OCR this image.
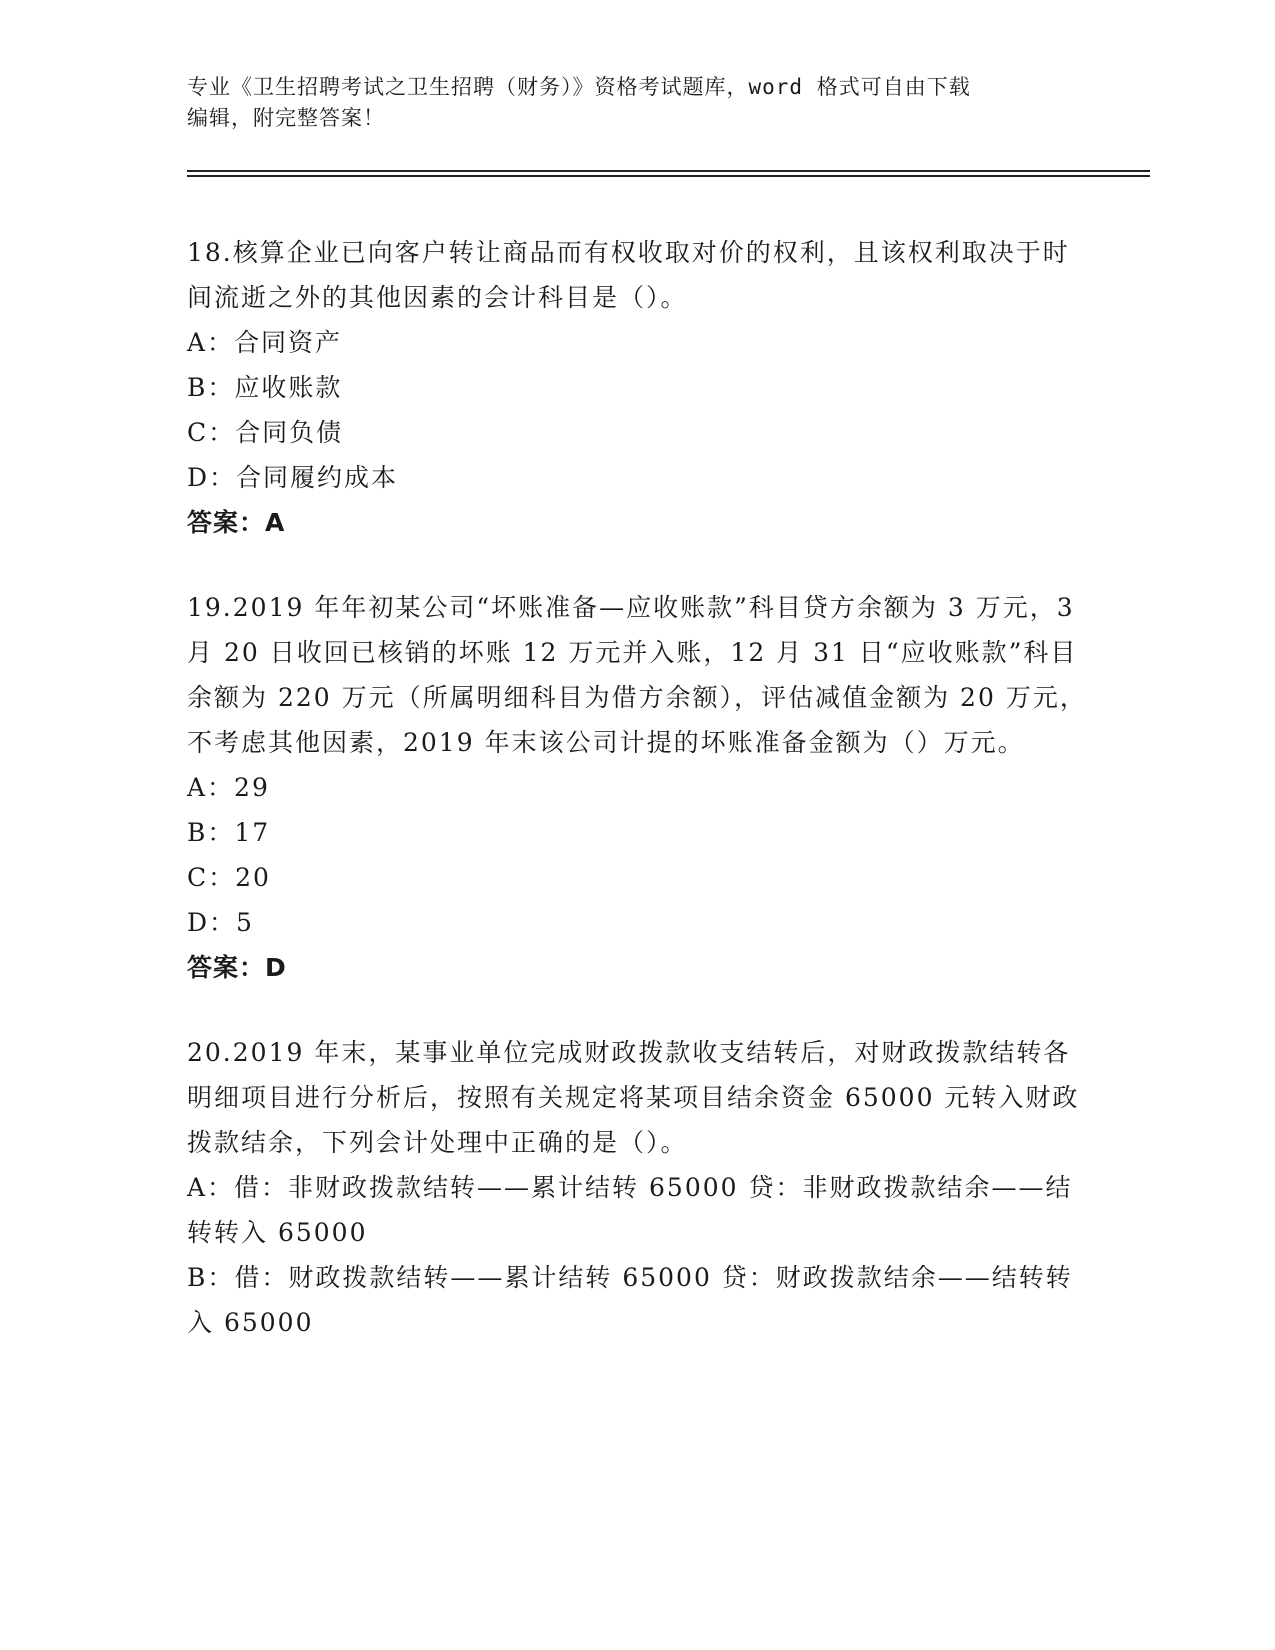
专业《卫生招聘考试之卫生招聘（财务）》资格考试题库，word 格式可自由下载
编辑，附完整答案！
18.核算企业已向客户转让商品而有权收取对价的权利，且该权利取决于时间流逝之外的其他因素的会计科目是（）。
A：合同资产
B：应收账款
C：合同负债
D：合同履约成本
答案：A
19.2019 年年初某公司“坏账准备—应收账款”科目贷方余额为 3 万元，3 月 20 日收回已核销的坏账 12 万元并入账，12 月 31 日“应收账款”科目余额为 220 万元（所属明细科目为借方余额），评估减值金额为 20 万元，不考虑其他因素，2019 年末该公司计提的坏账准备金额为（）万元。
A：29
B：17
C：20
D：5
答案：D
20.2019 年末，某事业单位完成财政拨款收支结转后，对财政拨款结转各明细项目进行分析后，按照有关规定将某项目结余资金 65000 元转入财政拨款结余，下列会计处理中正确的是（）。
A：借：非财政拨款结转——累计结转 65000 贷：非财政拨款结余——结转转入 65000
B：借：财政拨款结转——累计结转 65000 贷：财政拨款结余——结转转入 65000
